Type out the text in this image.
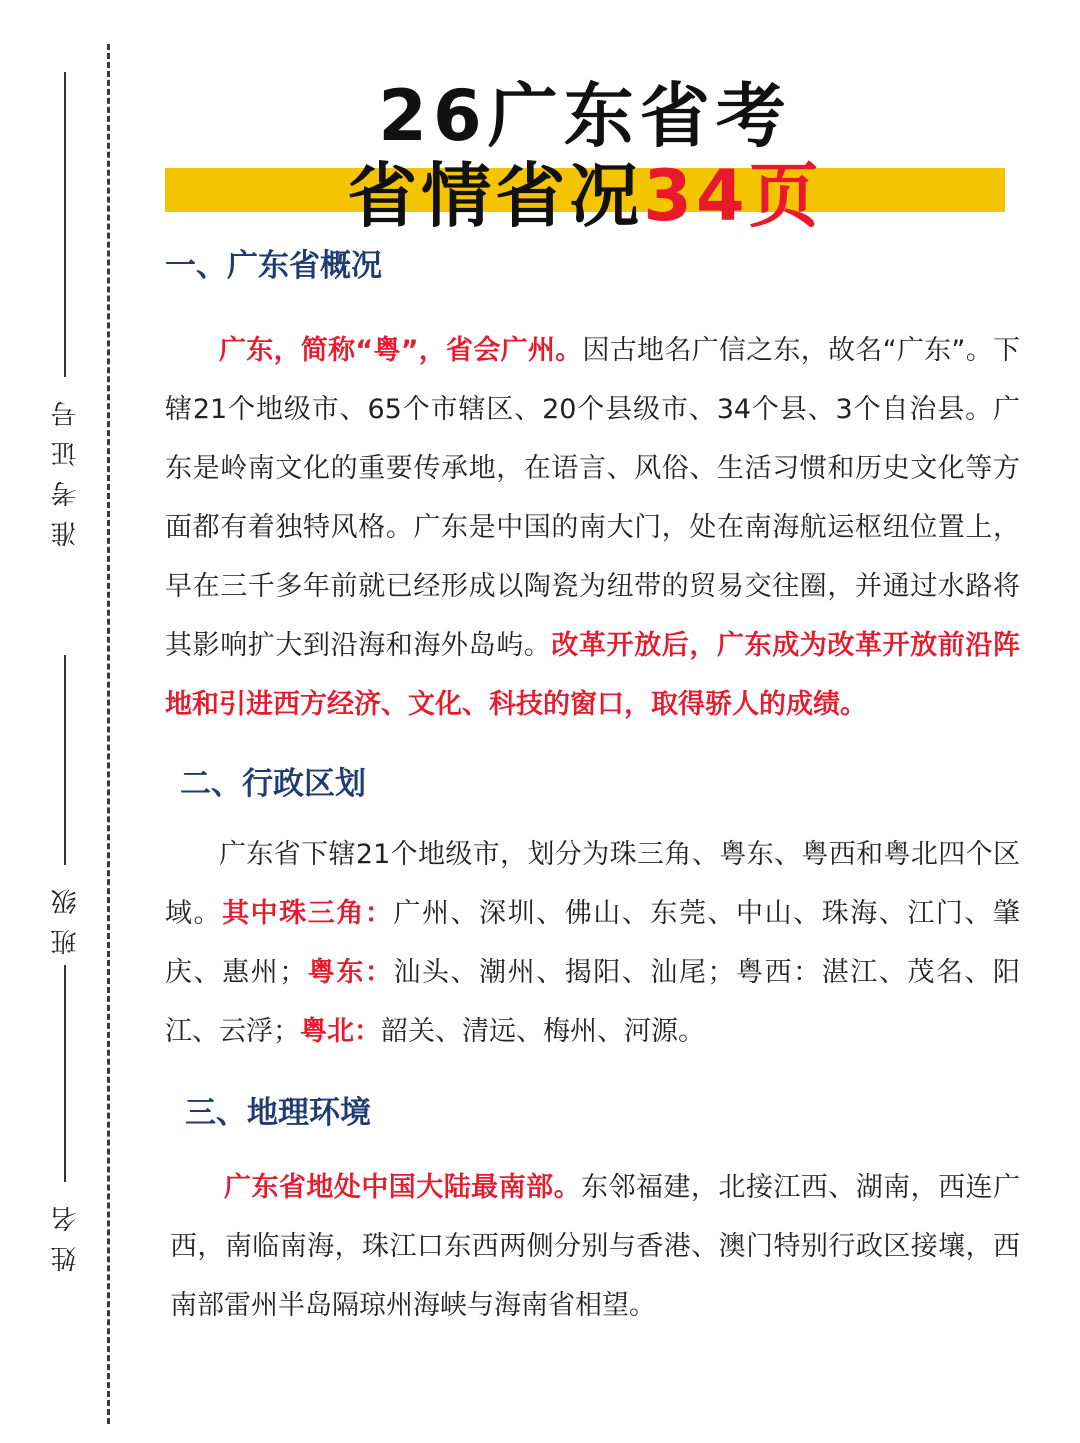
准考证号
班级
姓名
26广东省考
省情省况34页
一、广东省概况

广东，简称“粤”，省会广州。因古地名广信之东，故名“广东”。下辖21个地级市、65个市辖区、20个县级市、34个县、3个自治县。广东是岭南文化的重要传承地，在语言、风俗、生活习惯和历史文化等方面都有着独特风格。广东是中国的南大门，处在南海航运枢纽位置上，早在三千多年前就已经形成以陶瓷为纽带的贸易交往圈，并通过水路将其影响扩大到沿海和海外岛屿。改革开放后，广东成为改革开放前沿阵地和引进西方经济、文化、科技的窗口，取得骄人的成绩。

二、行政区划

广东省下辖21个地级市，划分为珠三角、粤东、粤西和粤北四个区域。其中珠三角：广州、深圳、佛山、东莞、中山、珠海、江门、肇庆、惠州；粤东：汕头、潮州、揭阳、汕尾；粤西：湛江、茂名、阳江、云浮；粤北：韶关、清远、梅州、河源。

三、地理环境

广东省地处中国大陆最南部。东邻福建，北接江西、湖南，西连广西，南临南海，珠江口东西两侧分别与香港、澳门特别行政区接壤，西南部雷州半岛隔琼州海峡与海南省相望。
